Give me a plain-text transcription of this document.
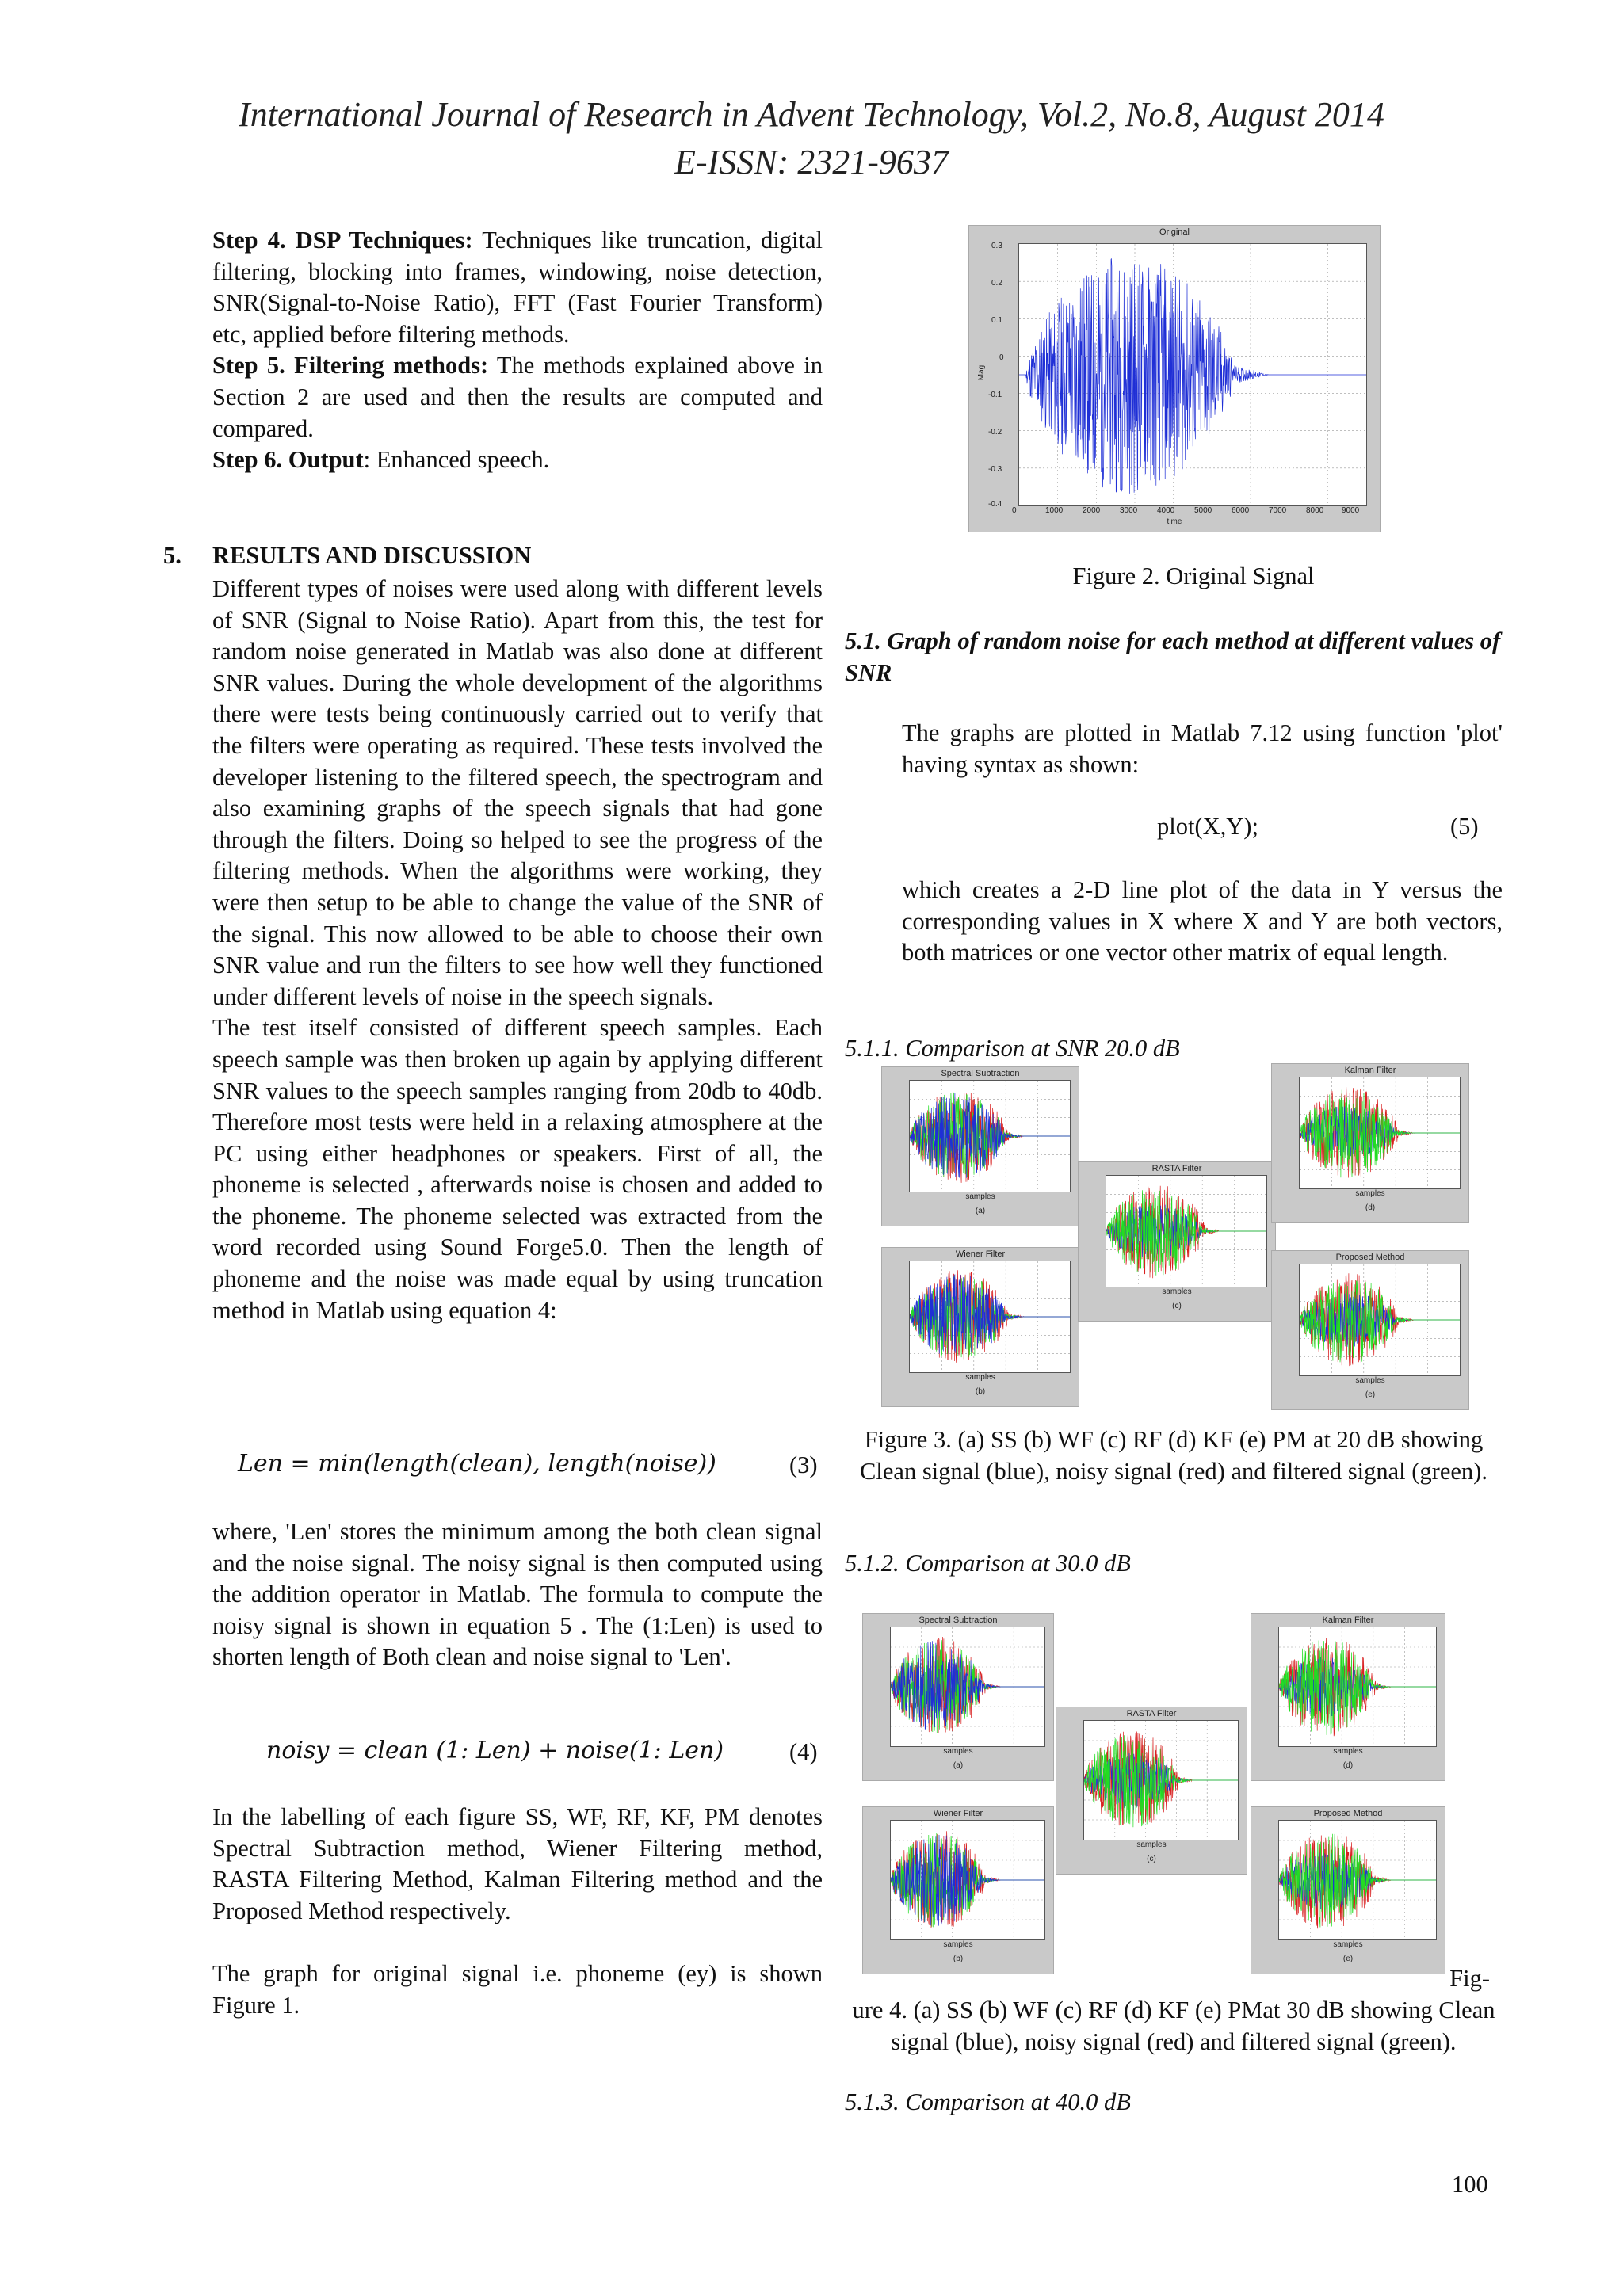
International Journal of Research in Advent Technology, Vol.2, No.8, August 2014
E-ISSN: 2321-9637

Step 4. DSP Techniques: Techniques like truncation, digital filtering, blocking into frames, windowing, noise detection, SNR(Signal-to-Noise Ratio), FFT (Fast Fourier Transform) etc, applied before filtering methods.

Step 5. Filtering methods: The methods explained above in Section 2 are used and then the results are computed and compared.

Step 6. Output: Enhanced speech.

5. RESULTS AND DISCUSSION

Different types of noises were used along with different levels of SNR (Signal to Noise Ratio). Apart from this, the test for random noise generated in Matlab was also done at different SNR values. During the whole development of the algorithms there were tests being continuously carried out to verify that the filters were operating as required. These tests involved the developer listening to the filtered speech, the spectrogram and also examining graphs of the speech signals that had gone through the filters. Doing so helped to see the progress of the filtering methods. When the algorithms were working, they were then setup to be able to change the value of the SNR of the signal. This now allowed to be able to choose their own SNR value and run the filters to see how well they functioned under different levels of noise in the speech signals.

The test itself consisted of different speech samples. Each speech sample was then broken up again by applying different SNR values to the speech samples ranging from 20db to 40db. Therefore most tests were held in a relaxing atmosphere at the PC using either headphones or speakers. First of all, the phoneme is selected , afterwards noise is chosen and added to the phoneme. The phoneme selected was extracted from the word recorded using Sound Forge5.0. Then the length of phoneme and the noise was made equal by using truncation method in Matlab using equation 4:

Len = min(length(clean), length(noise))	(3)

where, 'Len' stores the minimum among the both clean signal and the noise signal. The noisy signal is then computed using the addition operator in Matlab. The formula to compute the noisy signal is shown in equation 5 . The (1:Len) is used to shorten length of Both clean and noise signal to 'Len'.

noisy = clean (1: Len) + noise(1: Len)	(4)

In the labelling of each figure SS, WF, RF, KF, PM denotes Spectral Subtraction method, Wiener Filtering method, RASTA Filtering Method, Kalman Filtering method and the Proposed Method respectively.

The graph for original signal i.e. phoneme (ey) is shown Figure 1.

Original
0.3
0.2
0.1
0
-0.1
-0.2
-0.3
-0.4
Mag
0	1000 2000 3000 4000 5000 6000 7000 8000 9000
time
Figure 2. Original Signal
5.1. Graph of random noise for each method at different values of SNR

The graphs are plotted in Matlab 7.12 using function 'plot' having syntax as shown:

plot(X,Y);	(5)

which creates a 2-D line plot of the data in Y versus the corresponding values in X where X and Y are both vectors, both matrices or one vector other matrix of equal length.

5.1.1. Comparison at SNR 20.0 dB
Spectral Subtraction
samples
(a)
Wiener Filter
samples
(b)
RASTA Filter
samples
(c)
Kalman Filter
samples
(d)
Proposed Method
samples
(e)
Figure 3. (a) SS (b) WF (c) RF (d) KF (e) PM at 20 dB showing Clean signal (blue), noisy signal (red) and filtered signal (green).
5.1.2. Comparison at 30.0 dB
Spectral Subtraction
samples
(a)
Wiener Filter
samples
(b)
RASTA Filter
samples
(c)
Kalman Filter
samples
(d)
Proposed Method
samples
(e)
Fig-
ure 4. (a) SS (b) WF (c) RF (d) KF (e) PMat 30 dB showing Clean signal (blue), noisy signal (red) and filtered signal (green).
5.1.3. Comparison at 40.0 dB
100
